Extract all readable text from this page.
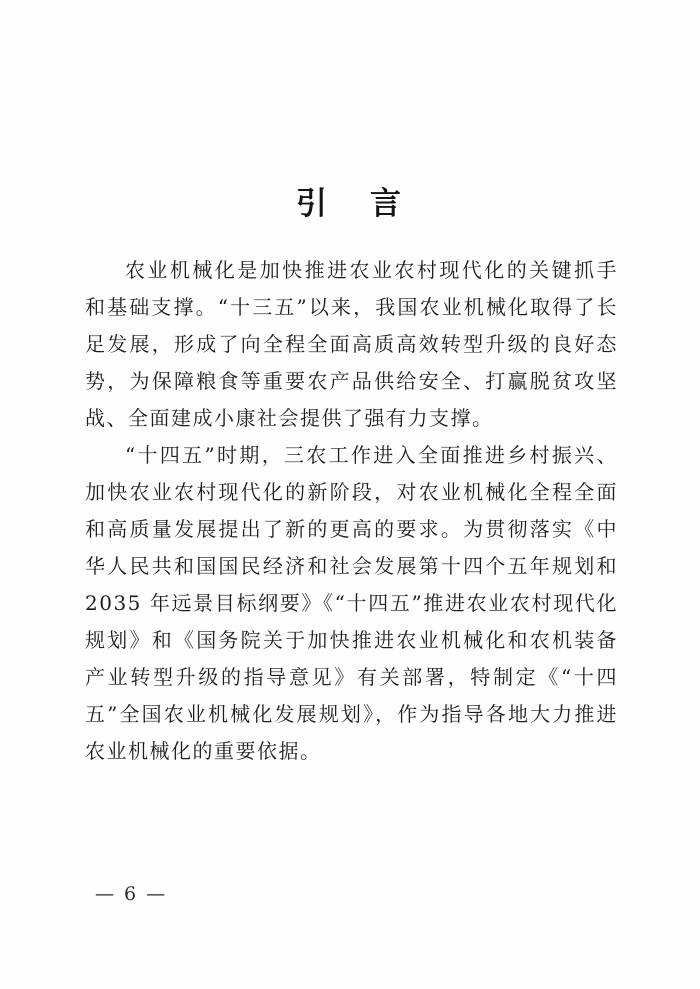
引　言

农业机械化是加快推进农业农村现代化的关键抓手和基础支撑。“十三五”以来，我国农业机械化取得了长足发展，形成了向全程全面高质高效转型升级的良好态势，为保障粮食等重要农产品供给安全、打赢脱贫攻坚战、全面建成小康社会提供了强有力支撑。

“十四五”时期，三农工作进入全面推进乡村振兴、加快农业农村现代化的新阶段，对农业机械化全程全面和高质量发展提出了新的更高的要求。为贯彻落实《中华人民共和国国民经济和社会发展第十四个五年规划和 2035 年远景目标纲要》《“十四五”推进农业农村现代化规划》和《国务院关于加快推进农业机械化和农机装备产业转型升级的指导意见》有关部署，特制定《“十四五”全国农业机械化发展规划》，作为指导各地大力推进农业机械化的重要依据。

— 6 —
